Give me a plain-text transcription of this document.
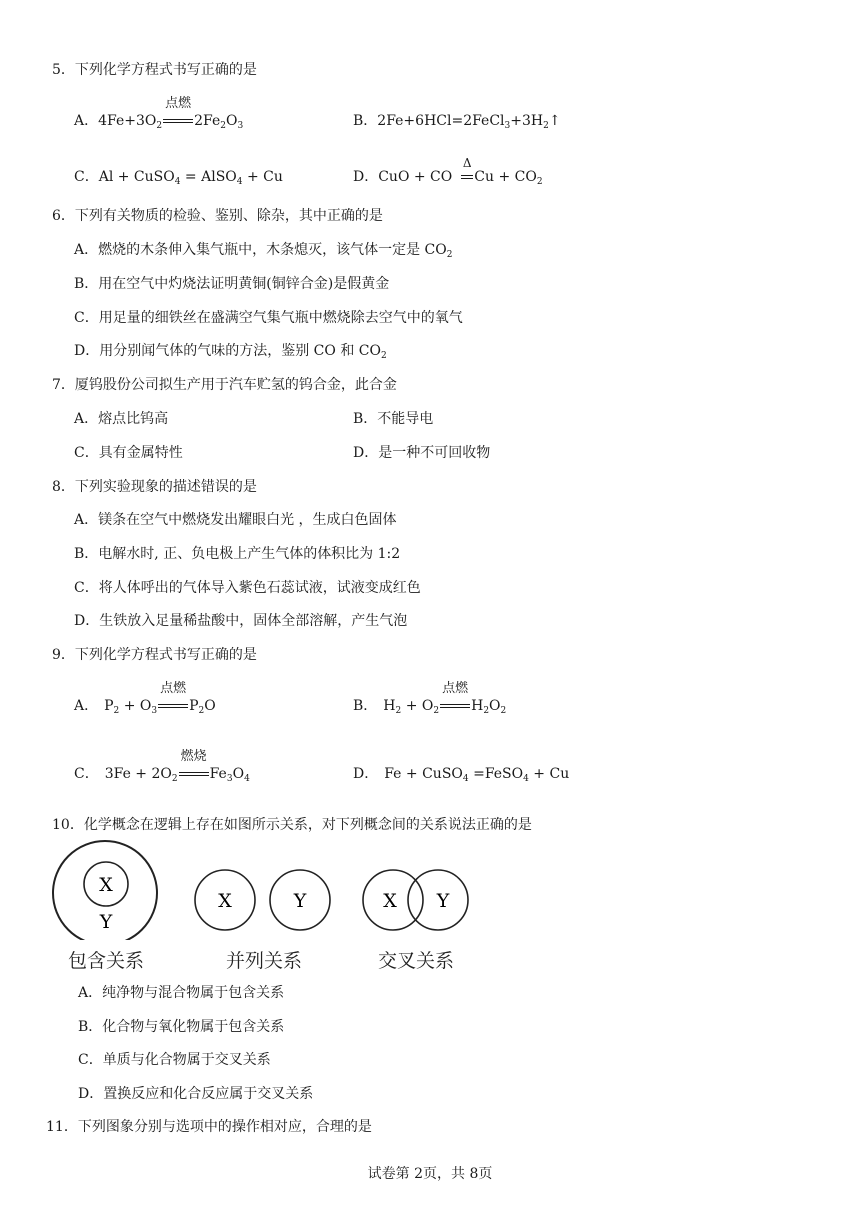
5．下列化学方程式书写正确的是
A．$4Fe+3O_2$
点燃
$2Fe_2O_3$	B．$2Fe+6HCl=2FeCl_3+3H_2↑$
C．Al + CuSO$_4$ = AlSO$_4$ + Cu	D．CuO + CO
Δ
$Cu + CO_2$
6．下列有关物质的检验、鉴别、除杂，其中正确的是
A．燃烧的木条伸入集气瓶中，木条熄灭，该气体一定是 $CO_2$
B．用在空气中灼烧法证明黄铜(铜锌合金)是假黄金
C．用足量的细铁丝在盛满空气集气瓶中燃烧除去空气中的氧气
D．用分别闻气体的气味的方法，鉴别 CO 和 $CO_2$
7．厦钨股份公司拟生产用于汽车贮氢的钨合金，此合金
A．熔点比钨高	B．不能导电
C．具有金属特性	D．是一种不可回收物
8．下列实验现象的描述错误的是
A．镁条在空气中燃烧发出耀眼白光 ，生成白色固体
B．电解水时, 正、负电极上产生气体的体积比为 1:2
C．将人体呼出的气体导入紫色石蕊试液，试液变成红色
D．生铁放入足量稀盐酸中，固体全部溶解，产生气泡
9．下列化学方程式书写正确的是
A． $P_2 + O_3$
点燃
$P_2O$	B． $H_2 + O_2$
点燃
$H_2O_2$
C． $3Fe + 2O_2$
燃烧
$Fe_3O_4$	D． Fe + CuSO$_4$ =FeSO$_4$ + Cu
10．化学概念在逻辑上存在如图所示关系，对下列概念间的关系说法正确的是
X
Y
X	Y	X Y
包含关系	并列关系	交叉关系
A．纯净物与混合物属于包含关系
B．化合物与氧化物属于包含关系
C．单质与化合物属于交叉关系
D．置换反应和化合反应属于交叉关系
11．下列图象分别与选项中的操作相对应，合理的是
试卷第 2页，共 8页
